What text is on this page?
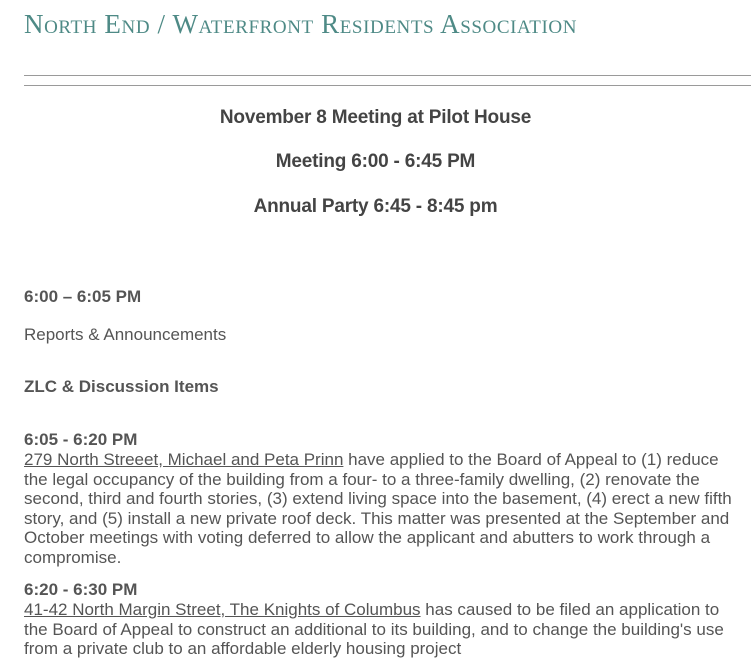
North End / Waterfront Residents Association
November 8 Meeting at Pilot House
Meeting 6:00 - 6:45 PM
Annual Party 6:45 - 8:45 pm
6:00 – 6:05 PM
Reports & Announcements
ZLC & Discussion Items
6:05 - 6:20 PM
279 North Streeet, Michael and Peta Prinn have applied to the Board of Appeal to (1) reduce the legal occupancy of the building from a four- to a three-family dwelling, (2) renovate the second, third and fourth stories, (3) extend living space into the basement, (4) erect a new fifth story, and (5) install a new private roof deck. This matter was presented at the September and October meetings with voting deferred to allow the applicant and abutters to work through a compromise.
6:20 - 6:30 PM
41-42 North Margin Street, The Knights of Columbus has caused to be filed an application to the Board of Appeal to construct an additional to its building, and to change the building's use from a private club to an affordable elderly housing project
